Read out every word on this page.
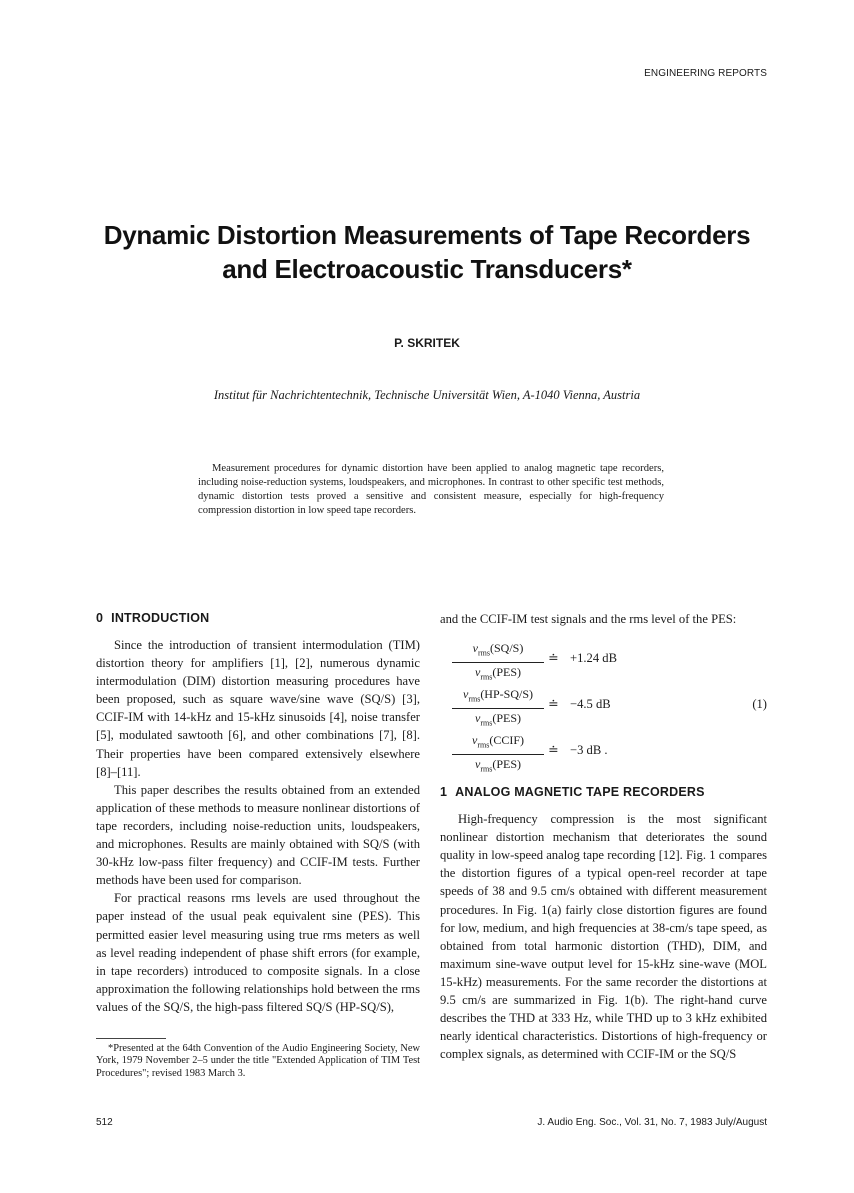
ENGINEERING REPORTS
Dynamic Distortion Measurements of Tape Recorders
and Electroacoustic Transducers*
P. SKRITEK
Institut für Nachrichtentechnik, Technische Universität Wien, A-1040 Vienna, Austria
Measurement procedures for dynamic distortion have been applied to analog magnetic tape recorders, including noise-reduction systems, loudspeakers, and microphones. In contrast to other specific test methods, dynamic distortion tests proved a sensitive and consistent measure, especially for high-frequency compression distortion in low speed tape recorders.
0 INTRODUCTION

Since the introduction of transient intermodulation (TIM) distortion theory for amplifiers [1], [2], numerous dynamic intermodulation (DIM) distortion measuring procedures have been proposed, such as square wave/sine wave (SQ/S) [3], CCIF-IM with 14-kHz and 15-kHz sinusoids [4], noise transfer [5], modulated sawtooth [6], and other combinations [7], [8]. Their properties have been compared extensively elsewhere [8]–[11].

This paper describes the results obtained from an extended application of these methods to measure nonlinear distortions of tape recorders, including noise-reduction units, loudspeakers, and microphones. Results are mainly obtained with SQ/S (with 30-kHz low-pass filter frequency) and CCIF-IM tests. Further methods have been used for comparison.

For practical reasons rms levels are used throughout the paper instead of the usual peak equivalent sine (PES). This permitted easier level measuring using true rms meters as well as level reading independent of phase shift errors (for example, in tape recorders) introduced to composite signals. In a close approximation the following relationships hold between the rms values of the SQ/S, the high-pass filtered SQ/S (HP-SQ/S),

*Presented at the 64th Convention of the Audio Engineering Society, New York, 1979 November 2–5 under the title "Extended Application of TIM Test Procedures"; revised 1983 March 3.

and the CCIF-IM test signals and the rms level of the PES:

$v_{rms}(SQ/S)$
$v_{rms}(PES)$
≐ +1.24 dB
$v_{rms}(HP-SQ/S)$
$v_{rms}(PES)$
≐ −4.5 dB	(1)
$v_{rms}(CCIF)$
$v_{rms}(PES)$
≐ −3 dB .
1 ANALOG MAGNETIC TAPE RECORDERS

High-frequency compression is the most significant nonlinear distortion mechanism that deteriorates the sound quality in low-speed analog tape recording [12]. Fig. 1 compares the distortion figures of a typical open-reel recorder at tape speeds of 38 and 9.5 cm/s obtained with different measurement procedures. In Fig. 1(a) fairly close distortion figures are found for low, medium, and high frequencies at 38-cm/s tape speed, as obtained from total harmonic distortion (THD), DIM, and maximum sine-wave output level for 15-kHz sine-wave (MOL 15-kHz) measurements. For the same recorder the distortions at 9.5 cm/s are summarized in Fig. 1(b). The right-hand curve describes the THD at 333 Hz, while THD up to 3 kHz exhibited nearly identical characteristics. Distortions of high-frequency or complex signals, as determined with CCIF-IM or the SQ/S

512	J. Audio Eng. Soc., Vol. 31, No. 7, 1983 July/August
